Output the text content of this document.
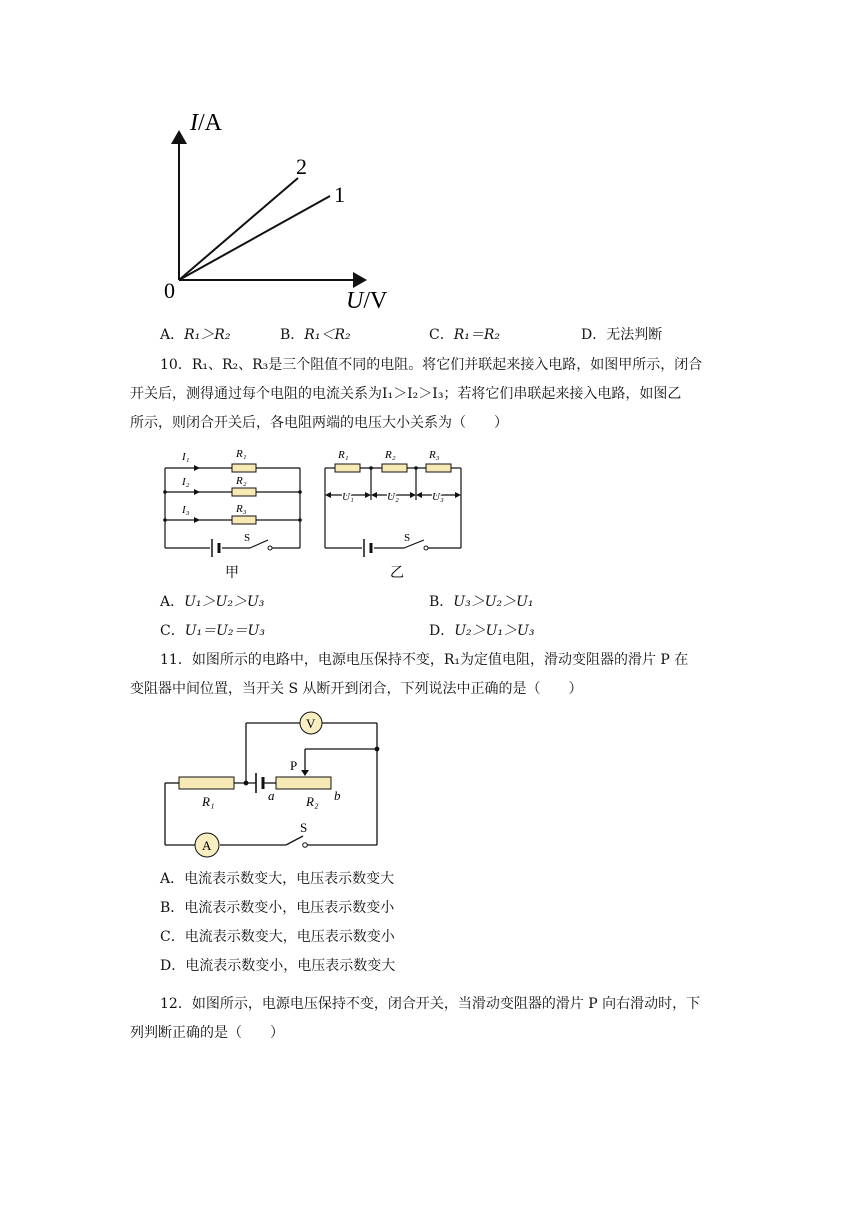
I/A
U/V
0
2
1
A．R₁＞R₂	B．R₁＜R₂	C．R₁＝R₂	D．无法判断
10．R₁、R₂、R₃是三个阻值不同的电阻。将它们并联起来接入电路，如图甲所示，闭合
开关后，测得通过每个电阻的电流关系为I₁＞I₂＞I₃；若将它们串联起来接入电路，如图乙
所示，则闭合开关后，各电阻两端的电压大小关系为（　　）
I₁
I₂
I₃
R₁
R₂
R₃
S
甲
R₁	R₂	R₃
U₁	U₂	U₃
S
乙
A．U₁＞U₂＞U₃	B．U₃＞U₂＞U₁
C．U₁＝U₂＝U₃	D．U₂＞U₁＞U₃
11．如图所示的电路中，电源电压保持不变，R₁为定值电阻，滑动变阻器的滑片 P 在
变阻器中间位置，当开关 S 从断开到闭合，下列说法中正确的是（　　）
V
A
P
R₁	R₂
a	b
S
A．电流表示数变大，电压表示数变大
B．电流表示数变小，电压表示数变小
C．电流表示数变大，电压表示数变小
D．电流表示数变小，电压表示数变大
12．如图所示，电源电压保持不变，闭合开关，当滑动变阻器的滑片 P 向右滑动时，下
列判断正确的是（　　）
